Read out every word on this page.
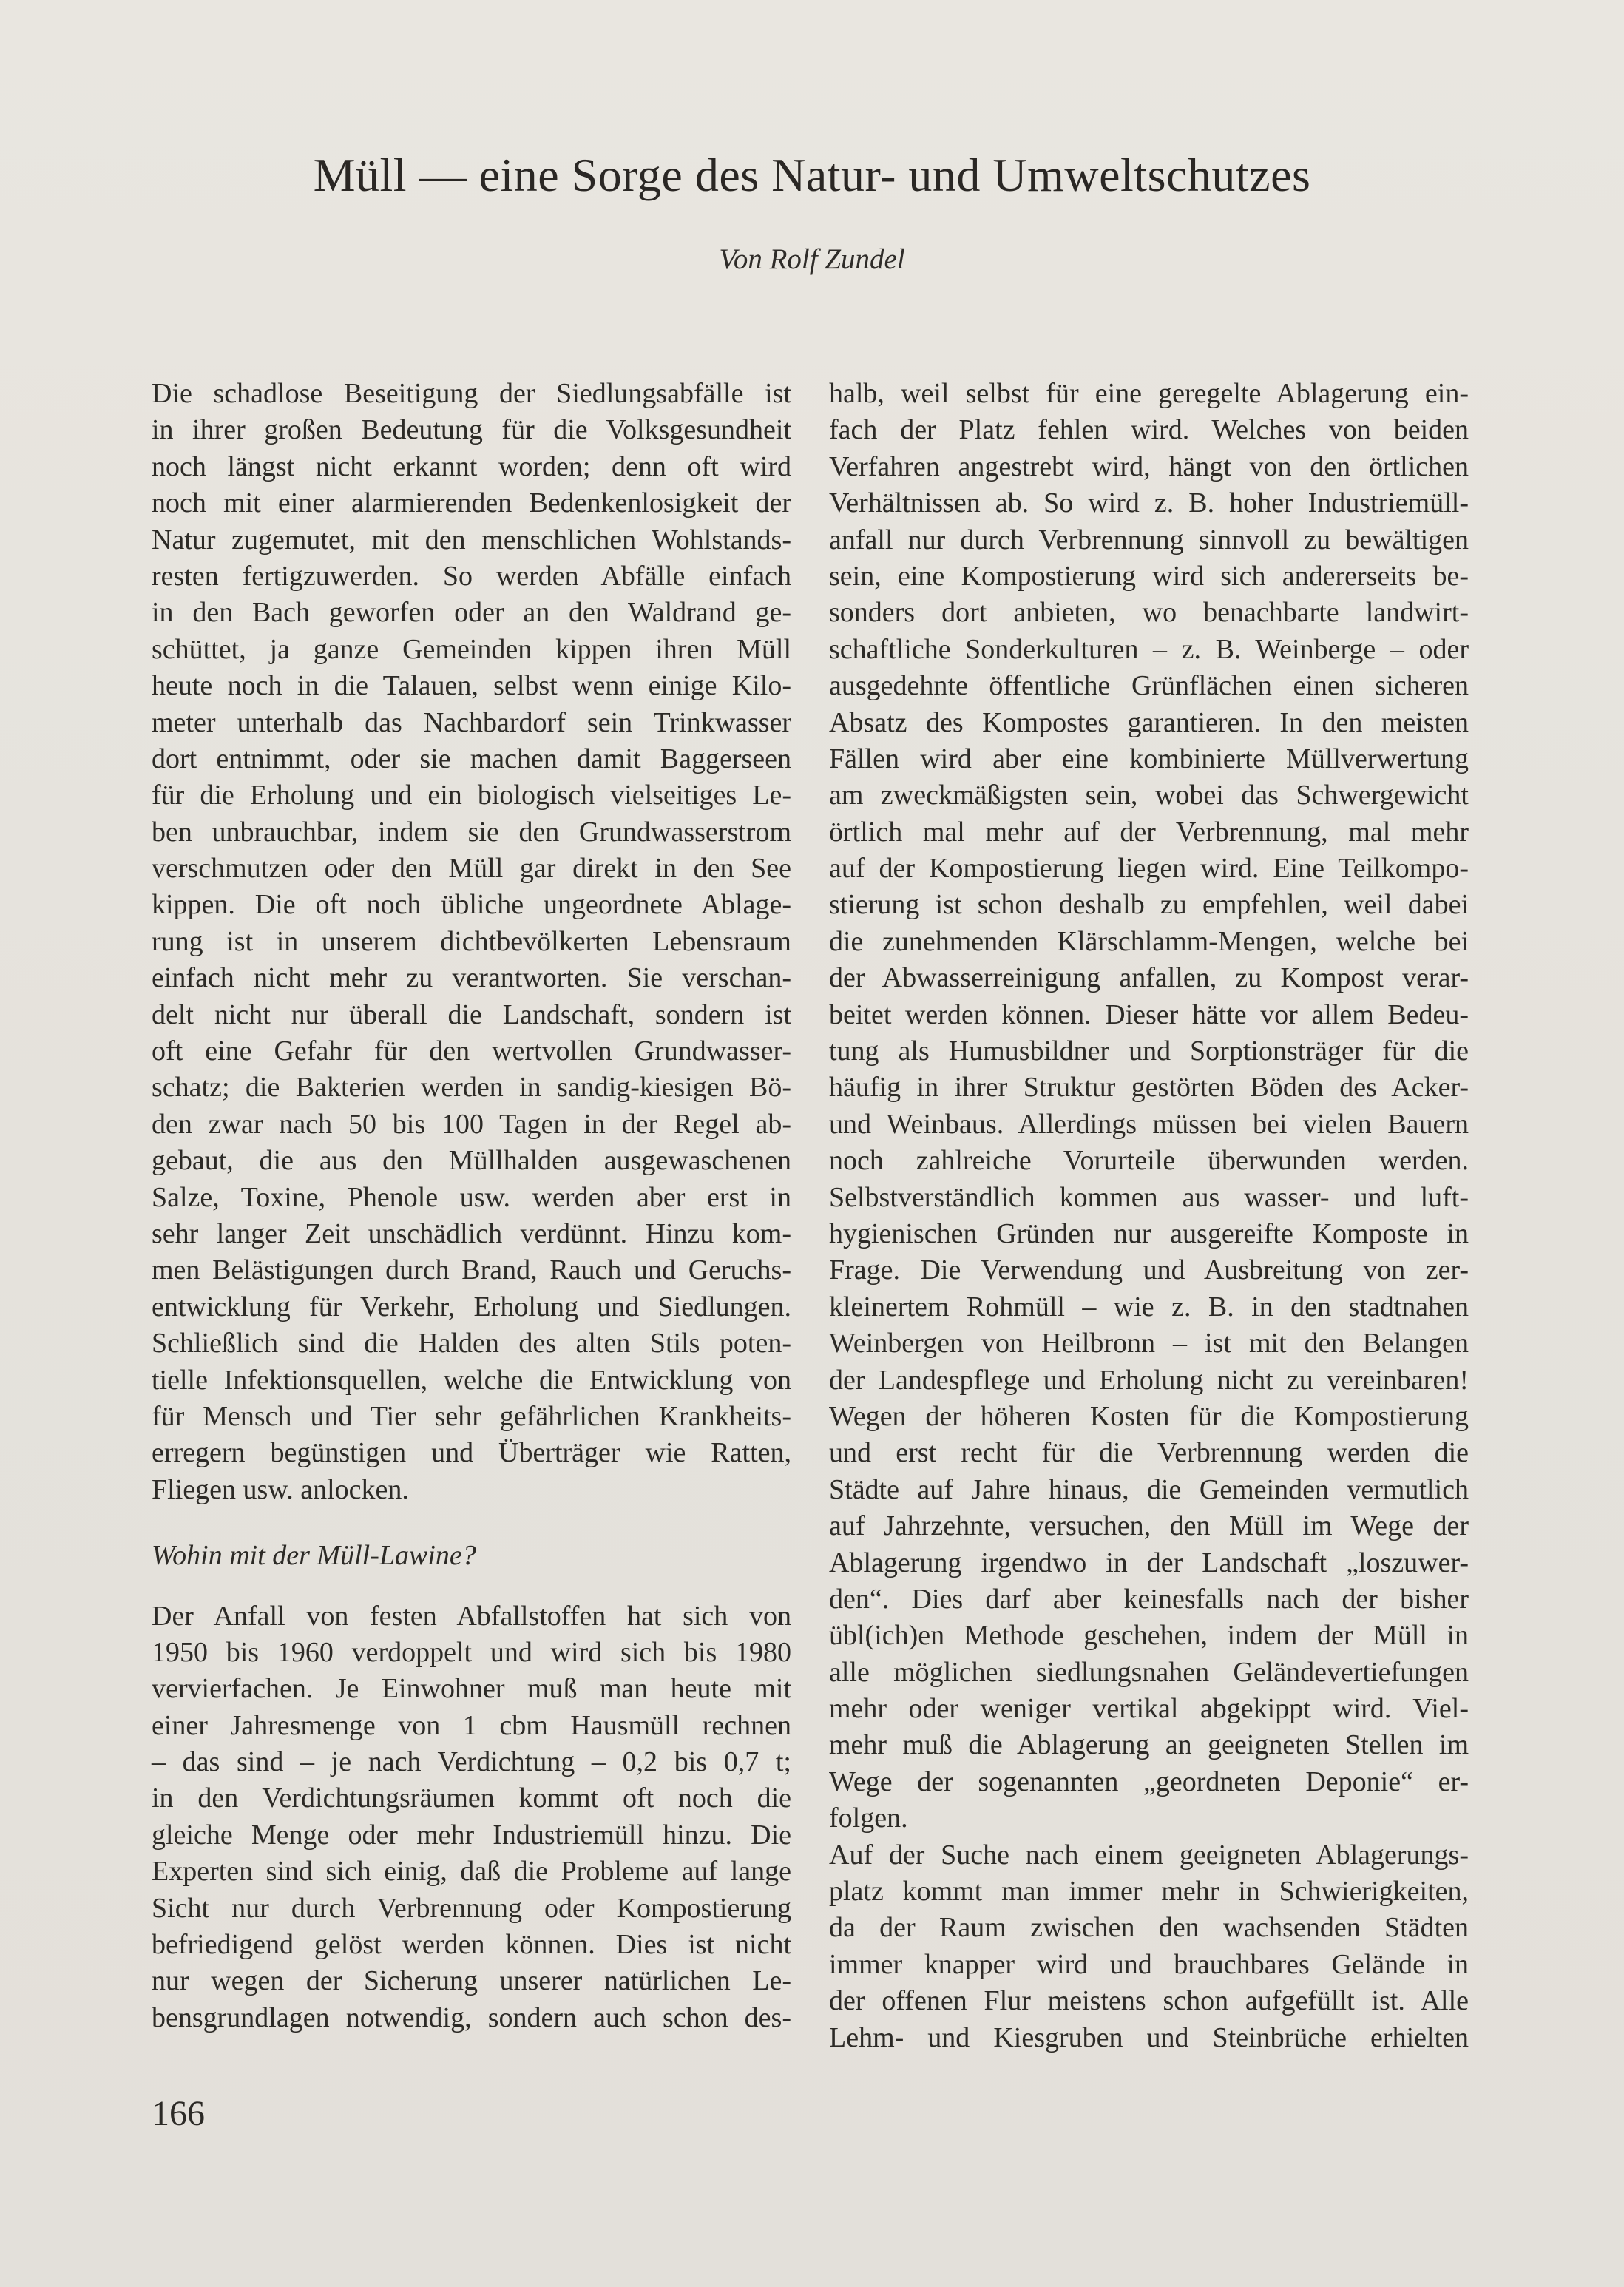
Müll — eine Sorge des Natur- und Umweltschutzes
Von Rolf Zundel
Die schadlose Beseitigung der Siedlungsabfälle ist
in ihrer großen Bedeutung für die Volksgesundheit
noch längst nicht erkannt worden; denn oft wird
noch mit einer alarmierenden Bedenkenlosigkeit der
Natur zugemutet, mit den menschlichen Wohlstands-
resten fertigzuwerden. So werden Abfälle einfach
in den Bach geworfen oder an den Waldrand ge-
schüttet, ja ganze Gemeinden kippen ihren Müll
heute noch in die Talauen, selbst wenn einige Kilo-
meter unterhalb das Nachbardorf sein Trinkwasser
dort entnimmt, oder sie machen damit Baggerseen
für die Erholung und ein biologisch vielseitiges Le-
ben unbrauchbar, indem sie den Grundwasserstrom
verschmutzen oder den Müll gar direkt in den See
kippen. Die oft noch übliche ungeordnete Ablage-
rung ist in unserem dichtbevölkerten Lebensraum
einfach nicht mehr zu verantworten. Sie verschan-
delt nicht nur überall die Landschaft, sondern ist
oft eine Gefahr für den wertvollen Grundwasser-
schatz; die Bakterien werden in sandig-kiesigen Bö-
den zwar nach 50 bis 100 Tagen in der Regel ab-
gebaut, die aus den Müllhalden ausgewaschenen
Salze, Toxine, Phenole usw. werden aber erst in
sehr langer Zeit unschädlich verdünnt. Hinzu kom-
men Belästigungen durch Brand, Rauch und Geruchs-
entwicklung für Verkehr, Erholung und Siedlungen.
Schließlich sind die Halden des alten Stils poten-
tielle Infektionsquellen, welche die Entwicklung von
für Mensch und Tier sehr gefährlichen Krankheits-
erregern begünstigen und Überträger wie Ratten,
Fliegen usw. anlocken.
Wohin mit der Müll-Lawine?
Der Anfall von festen Abfallstoffen hat sich von
1950 bis 1960 verdoppelt und wird sich bis 1980
vervierfachen. Je Einwohner muß man heute mit
einer Jahresmenge von 1 cbm Hausmüll rechnen
– das sind – je nach Verdichtung – 0,2 bis 0,7 t;
in den Verdichtungsräumen kommt oft noch die
gleiche Menge oder mehr Industriemüll hinzu. Die
Experten sind sich einig, daß die Probleme auf lange
Sicht nur durch Verbrennung oder Kompostierung
befriedigend gelöst werden können. Dies ist nicht
nur wegen der Sicherung unserer natürlichen Le-
bensgrundlagen notwendig, sondern auch schon des-
halb, weil selbst für eine geregelte Ablagerung ein-
fach der Platz fehlen wird. Welches von beiden
Verfahren angestrebt wird, hängt von den örtlichen
Verhältnissen ab. So wird z. B. hoher Industriemüll-
anfall nur durch Verbrennung sinnvoll zu bewältigen
sein, eine Kompostierung wird sich andererseits be-
sonders dort anbieten, wo benachbarte landwirt-
schaftliche Sonderkulturen – z. B. Weinberge – oder
ausgedehnte öffentliche Grünflächen einen sicheren
Absatz des Kompostes garantieren. In den meisten
Fällen wird aber eine kombinierte Müllverwertung
am zweckmäßigsten sein, wobei das Schwergewicht
örtlich mal mehr auf der Verbrennung, mal mehr
auf der Kompostierung liegen wird. Eine Teilkompo-
stierung ist schon deshalb zu empfehlen, weil dabei
die zunehmenden Klärschlamm-Mengen, welche bei
der Abwasserreinigung anfallen, zu Kompost verar-
beitet werden können. Dieser hätte vor allem Bedeu-
tung als Humusbildner und Sorptionsträger für die
häufig in ihrer Struktur gestörten Böden des Acker-
und Weinbaus. Allerdings müssen bei vielen Bauern
noch zahlreiche Vorurteile überwunden werden.
Selbstverständlich kommen aus wasser- und luft-
hygienischen Gründen nur ausgereifte Komposte in
Frage. Die Verwendung und Ausbreitung von zer-
kleinertem Rohmüll – wie z. B. in den stadtnahen
Weinbergen von Heilbronn – ist mit den Belangen
der Landespflege und Erholung nicht zu vereinbaren!
Wegen der höheren Kosten für die Kompostierung
und erst recht für die Verbrennung werden die
Städte auf Jahre hinaus, die Gemeinden vermutlich
auf Jahrzehnte, versuchen, den Müll im Wege der
Ablagerung irgendwo in der Landschaft „loszuwer-
den“. Dies darf aber keinesfalls nach der bisher
übl(ich)en Methode geschehen, indem der Müll in
alle möglichen siedlungsnahen Geländevertiefungen
mehr oder weniger vertikal abgekippt wird. Viel-
mehr muß die Ablagerung an geeigneten Stellen im
Wege der sogenannten „geordneten Deponie“ er-
folgen.
Auf der Suche nach einem geeigneten Ablagerungs-
platz kommt man immer mehr in Schwierigkeiten,
da der Raum zwischen den wachsenden Städten
immer knapper wird und brauchbares Gelände in
der offenen Flur meistens schon aufgefüllt ist. Alle
Lehm- und Kiesgruben und Steinbrüche erhielten
166
